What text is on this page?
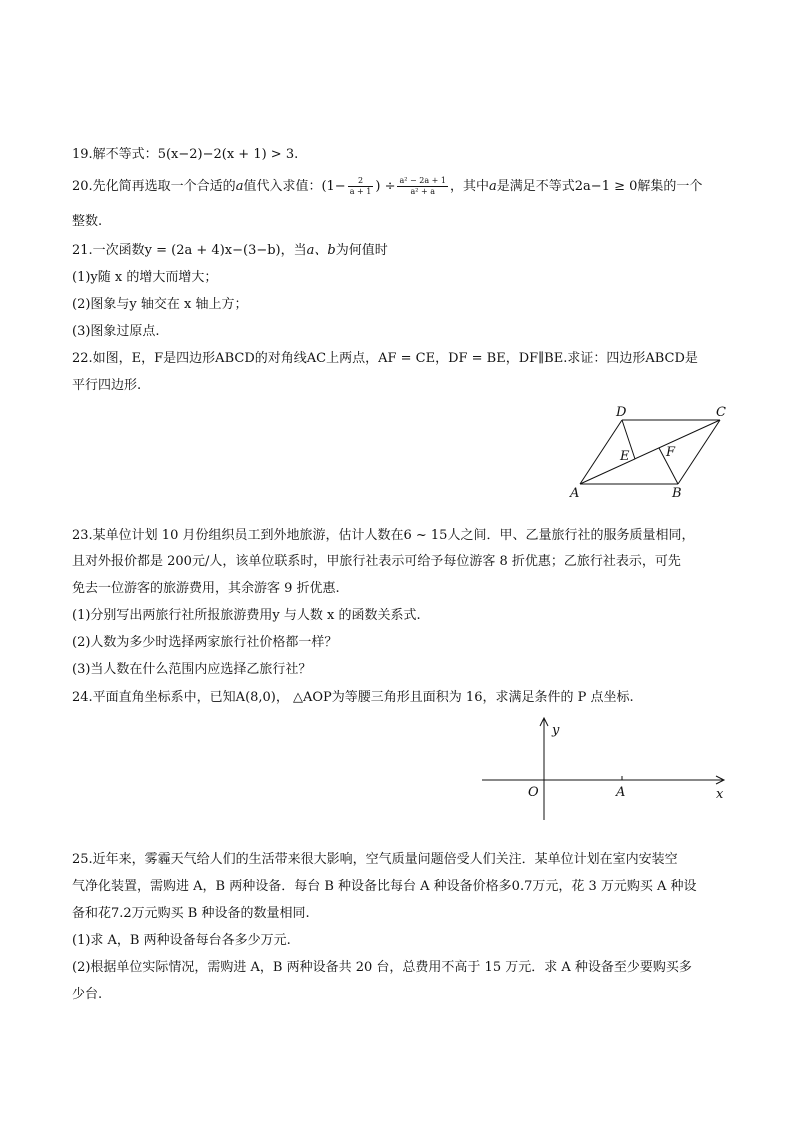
19.解不等式：5(x−2)−2(x + 1) > 3.
20.先化简再选取一个合适的a值代入求值：($1- \frac{2}{a + 1}$ ) ÷ $\frac{\text{a² − 2a + 1}}{\text{a² + a}}$ ，其中a是满足不等式2a−1 ≥ 0解集的一个
整数.
21.一次函数y = (2a + 4)x−(3−b)，当a、b为何值时
(1)y随 x 的增大而增大；
(2)图象与y 轴交在 x 轴上方；
(3)图象过原点.
22.如图，E，F是四边形ABCD的对角线AC上两点，AF = CE，DF = BE，DF∥BE.求证：四边形ABCD是
平行四边形.
A	B
C
D
E	F
23.某单位计划 10 月份组织员工到外地旅游，估计人数在6 ~ 15人之间．甲、乙量旅行社的服务质量相同，
且对外报价都是 200元/人，该单位联系时，甲旅行社表示可给予每位游客 8 折优惠；乙旅行社表示，可先
免去一位游客的旅游费用，其余游客 9 折优惠.
(1)分别写出两旅行社所报旅游费用y 与人数 x 的函数关系式.
(2)人数为多少时选择两家旅行社价格都一样？
(3)当人数在什么范围内应选择乙旅行社？
24.平面直角坐标系中，已知A(8,0)， △AOP为等腰三角形且面积为 16，求满足条件的 P 点坐标.
y
O	A	x
25.近年来，雾霾天气给人们的生活带来很大影响，空气质量问题倍受人们关注．某单位计划在室内安装空
气净化装置，需购进 A，B 两种设备．每台 B 种设备比每台 A 种设备价格多0.7万元，花 3 万元购买 A 种设
备和花7.2万元购买 B 种设备的数量相同.
(1)求 A，B 两种设备每台各多少万元.
(2)根据单位实际情况，需购进 A，B 两种设备共 20 台，总费用不高于 15 万元．求 A 种设备至少要购买多
少台.
